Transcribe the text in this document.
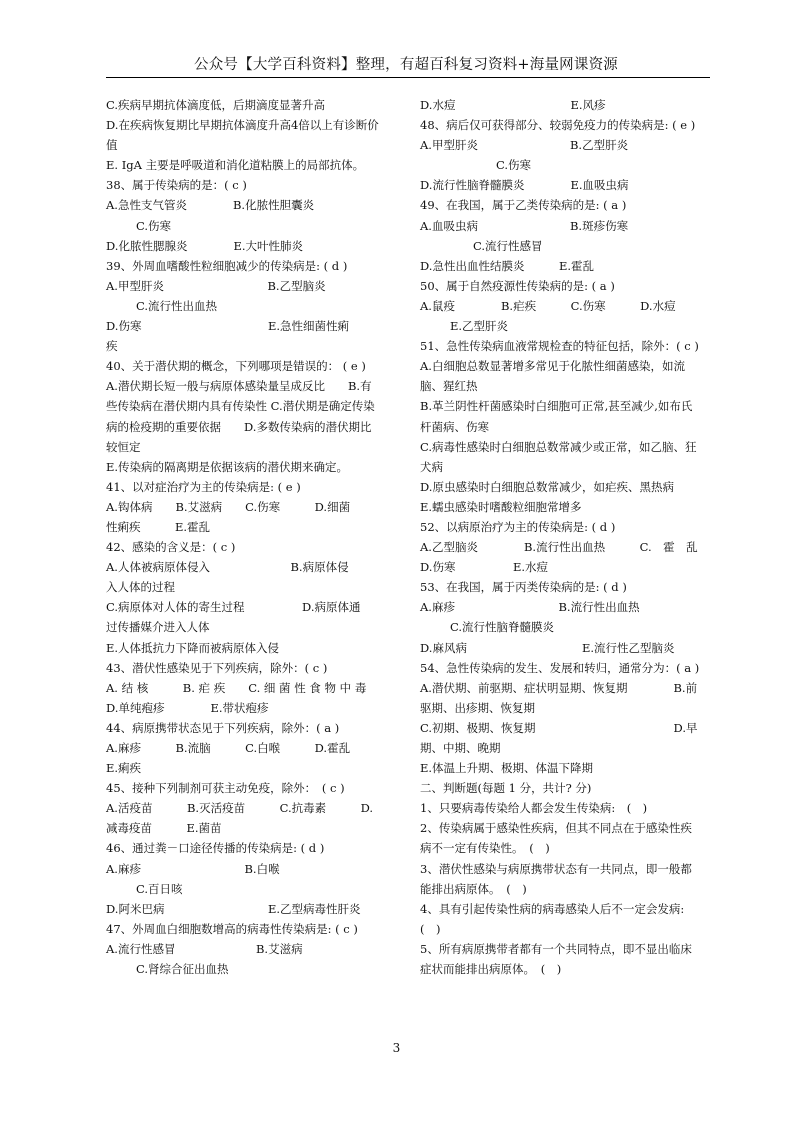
公众号【大学百科资料】整理，有超百科复习资料+海量网课资源

C.疾病早期抗体滴度低，后期滴度显著升高

D.在疾病恢复期比早期抗体滴度升高4倍以上有诊断价

值

E. IgA 主要是呼吸道和消化道粘膜上的局部抗体。

38、属于传染病的是：( c )

A.急性支气管炎　　　　B.化脓性胆囊炎

C.伤寒

D.化脓性腮腺炎　　　　E.大叶性肺炎

39、外周血嗜酸性粒细胞减少的传染病是: ( d )

A.甲型肝炎　　　　　　　　　B.乙型脑炎

C.流行性出血热

D.伤寒　　　　　　　　　　　E.急性细菌性痢

疾

40、关于潜伏期的概念，下列哪项是错误的： ( e )

A.潜伏期长短一般与病原体感染量呈成反比　　B.有

些传染病在潜伏期内具有传染性 C.潜伏期是确定传染

病的检疫期的重要依据　　D.多数传染病的潜伏期比

较恒定

E.传染病的隔离期是依据该病的潜伏期来确定。

41、以对症治疗为主的传染病是: ( e )

A.钩体病　　B.艾滋病　　C.伤寒　　　D.细菌

性痢疾　　　E.霍乱

42、感染的含义是：( c )

A.人体被病原体侵入　　　　　　　B.病原体侵

入人体的过程

C.病原体对人体的寄生过程　　　　　D.病原体通

过传播媒介进入人体

E.人体抵抗力下降而被病原体入侵

43、潜伏性感染见于下列疾病，除外：( c )

A. 结 核　　　B. 疟 疾　　C. 细 菌 性 食 物 中 毒

D.单纯疱疹　　　　E.带状疱疹

44、病原携带状态见于下列疾病，除外：( a )

A.麻疹　　　B.流脑　　　C.白喉　　　D.霍乱

E.痢疾

45、接种下列制剂可获主动免疫，除外：　( c )

A.活疫苗　　　B.灭活疫苗　　　C.抗毒素　　　D.

减毒疫苗　　　E.菌苗

46、通过粪－口途径传播的传染病是: ( d )

A.麻疹　　　　　　　　　B.白喉

C.百日咳

D.阿米巴病　　　　　　　　　E.乙型病毒性肝炎

47、外周血白细胞数增高的病毒性传染病是: ( c )

A.流行性感冒　　　　　　　B.艾滋病

C.肾综合征出血热

D.水痘　　　　　　　　　　E.风疹

48、病后仅可获得部分、较弱免疫力的传染病是: ( e )

A.甲型肝炎　　　　　　　　B.乙型肝炎

　　　　C.伤寒

D.流行性脑脊髓膜炎　　　　E.血吸虫病

49、在我国，属于乙类传染病的是: ( a )

A.血吸虫病　　　　　　　　B.斑疹伤寒

　　C.流行性感冒

D.急性出血性结膜炎　　　E.霍乱

50、属于自然疫源性传染病的是: ( a )

A.鼠疫　　　　B.疟疾　　　C.伤寒　　　D.水痘

E.乙型肝炎

51、急性传染病血液常规检查的特征包括，除外：( c )

A.白细胞总数显著增多常见于化脓性细菌感染，如流

脑、猩红热

B.革兰阴性杆菌感染时白细胞可正常,甚至减少,如布氏

杆菌病、伤寒

C.病毒性感染时白细胞总数常减少或正常，如乙脑、狂

犬病

D.原虫感染时白细胞总数常减少，如疟疾、黑热病

E.蠕虫感染时嗜酸粒细胞常增多

52、以病原治疗为主的传染病是: ( d )

A.乙型脑炎　　　　B.流行性出血热　　　C.　霍　乱

D.伤寒　　　　　E.水痘

53、在我国，属于丙类传染病的是: ( d )

A.麻疹　　　　　　　　　B.流行性出血热

C.流行性脑脊髓膜炎

D.麻风病　　　　　　　　　　E.流行性乙型脑炎

54、急性传染病的发生、发展和转归，通常分为：( a )

A.潜伏期、前驱期、症状明显期、恢复期　　　　B.前

驱期、出疹期、恢复期

C.初期、极期、恢复期　　　　　　　　　　　　D.早

期、中期、晚期

E.体温上升期、极期、体温下降期

二、判断题(每题 1 分，共计? 分)

1、只要病毒传染给人都会发生传染病:　(　)

2、传染病属于感染性疾病，但其不同点在于感染性疾

病不一定有传染性。　(　)

3、潜伏性感染与病原携带状态有一共同点，即一般都

能排出病原体。　(　)

4、具有引起传染性病的病毒感染人后不一定会发病:

(　)

5、所有病原携带者都有一个共同特点，即不显出临床

症状而能排出病原体。　(　)

3
